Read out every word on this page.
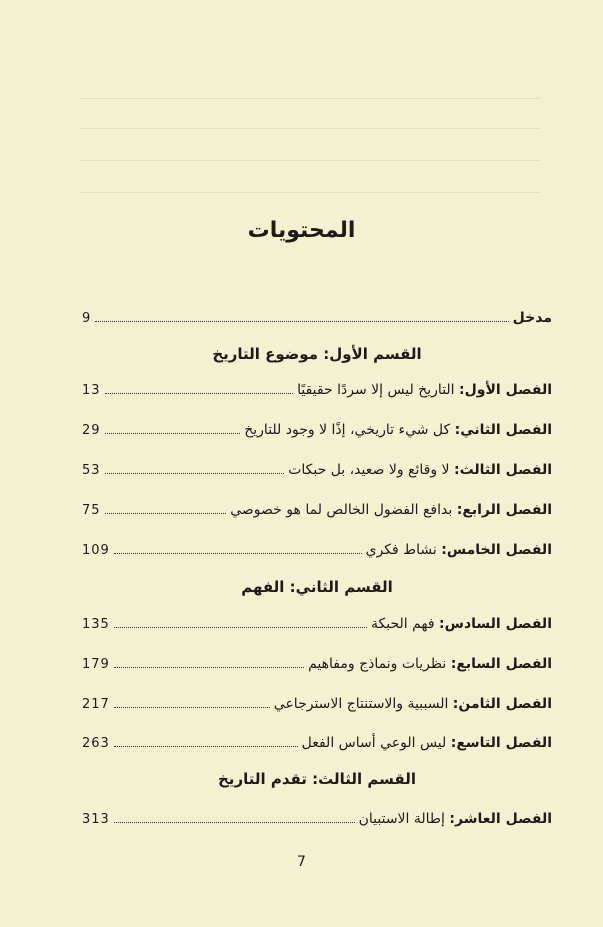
المحتويات
مدخل
9
القسم الأول: موضوع التاريخ
الفصل الأول: التاريخ ليس إلا سردًا حقيقيًا
13
الفصل الثاني: كل شيء تاريخي، إذًا لا وجود للتاريخ
29
الفصل الثالث: لا وقائع ولا صعيد، بل حبكات
53
الفصل الرابع: بدافع الفضول الخالص لما هو خصوصي
75
الفصل الخامس: نشاط فكري
109
القسم الثاني: الفهم
الفصل السادس: فهم الحبكة
135
الفصل السابع: نظريات ونماذج ومفاهيم
179
الفصل الثامن: السببية والاستنتاج الاسترجاعي
217
الفصل التاسع: ليس الوعي أساس الفعل
263
القسم الثالث: تقدم التاريخ
الفصل العاشر: إطالة الاستبيان
313
7
